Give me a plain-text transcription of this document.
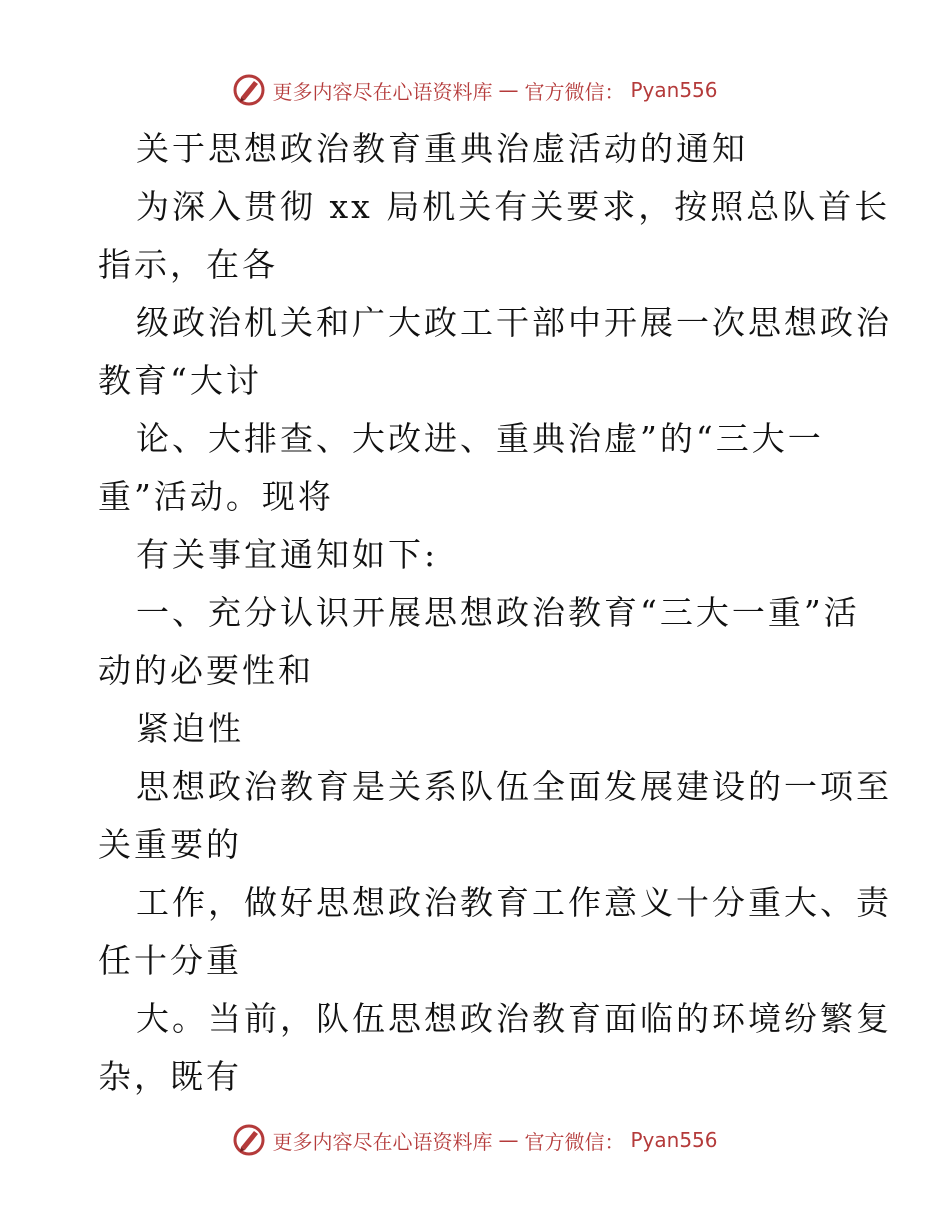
更多内容尽在心语资料库 — 官方微信： Pyan556
关于思想政治教育重典治虚活动的通知
为深入贯彻 xx 局机关有关要求，按照总队首长
指示，在各
级政治机关和广大政工干部中开展一次思想政治
教育“大讨
论、大排查、大改进、重典治虚”的“三大一
重”活动。现将
有关事宜通知如下:
一、充分认识开展思想政治教育“三大一重”活
动的必要性和
紧迫性
思想政治教育是关系队伍全面发展建设的一项至
关重要的
工作，做好思想政治教育工作意义十分重大、责
任十分重
大。当前，队伍思想政治教育面临的环境纷繁复
杂，既有
更多内容尽在心语资料库 — 官方微信： Pyan556
